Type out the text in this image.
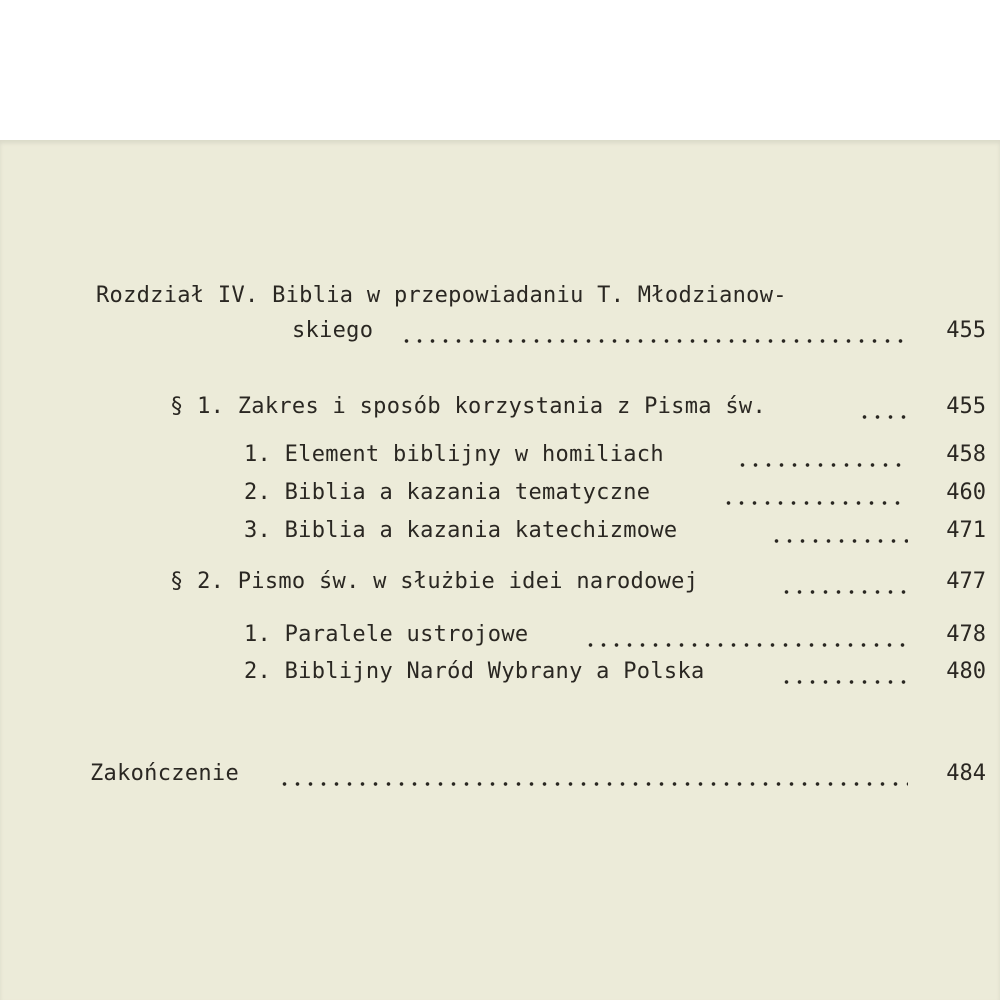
Rozdział IV. Biblia w przepowiadaniu T. Młodzianow-
skiego	455
§ 1. Zakres i sposób korzystania z Pisma św.	455
1. Element biblijny w homiliach	458
2. Biblia a kazania tematyczne	460
3. Biblia a kazania katechizmowe	471
§ 2. Pismo św. w służbie idei narodowej	477
1. Paralele ustrojowe	478
2. Biblijny Naród Wybrany a Polska	480
Zakończenie	484
